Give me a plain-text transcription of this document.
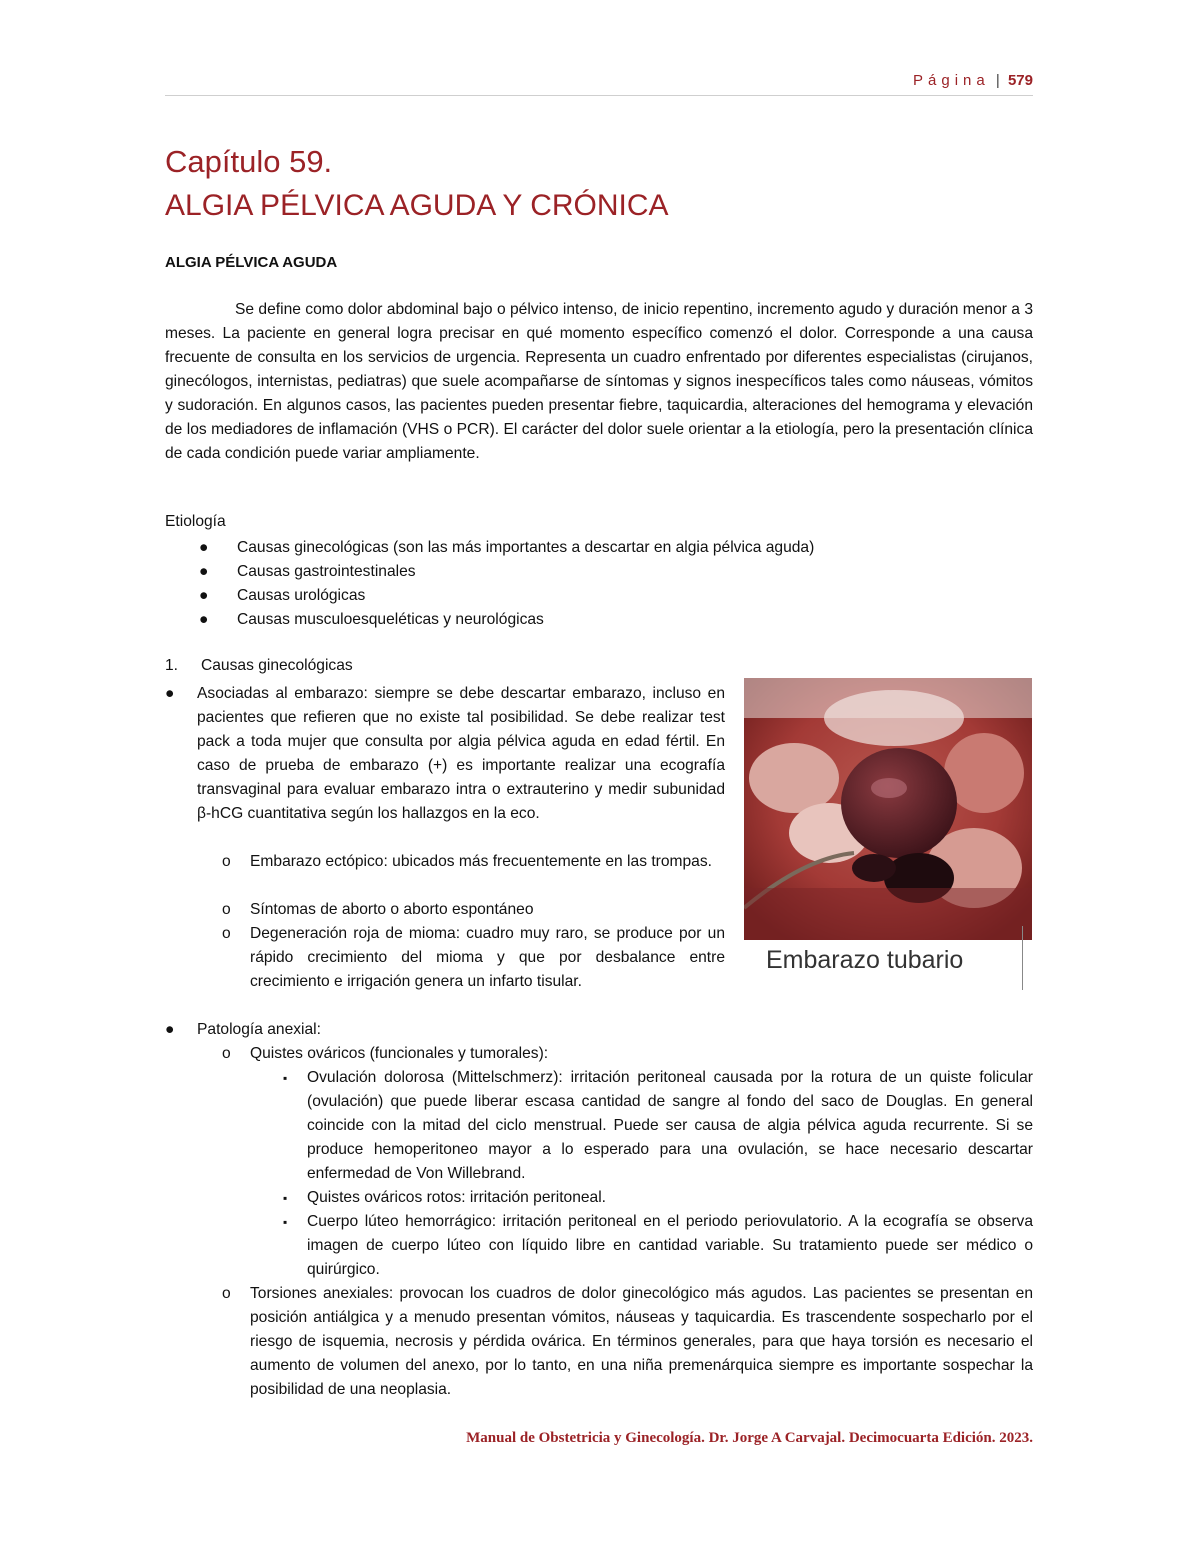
Página | 579
Capítulo 59.
ALGIA PÉLVICA AGUDA Y CRÓNICA
ALGIA PÉLVICA AGUDA

Se define como dolor abdominal bajo o pélvico intenso, de inicio repentino, incremento agudo y duración menor a 3 meses. La paciente en general logra precisar en qué momento específico comenzó el dolor. Corresponde a una causa frecuente de consulta en los servicios de urgencia. Representa un cuadro enfrentado por diferentes especialistas (cirujanos, ginecólogos, internistas, pediatras) que suele acompañarse de síntomas y signos inespecíficos tales como náuseas, vómitos y sudoración. En algunos casos, las pacientes pueden presentar fiebre, taquicardia, alteraciones del hemograma y elevación de los mediadores de inflamación (VHS o PCR). El carácter del dolor suele orientar a la etiología, pero la presentación clínica de cada condición puede variar ampliamente.

Etiología
● Causas ginecológicas (son las más importantes a descartar en algia pélvica aguda)
● Causas gastrointestinales
● Causas urológicas
● Causas musculoesqueléticas y neurológicas
1. Causas ginecológicas
●	Asociadas al embarazo: siempre se debe descartar embarazo, incluso en pacientes que refieren que no existe tal posibilidad. Se debe realizar test pack a toda mujer que consulta por algia pélvica aguda en edad fértil. En caso de prueba de embarazo (+) es importante realizar una ecografía transvaginal para evaluar embarazo intra o extrauterino y medir subunidad β-hCG cuantitativa según los hallazgos en la eco.
o Embarazo ectópico: ubicados más frecuentemente en las trompas.
o Síntomas de aborto o aborto espontáneo
o Degeneración roja de mioma: cuadro muy raro, se produce por un rápido crecimiento del mioma y que por desbalance entre crecimiento e irrigación genera un infarto tisular.
Embarazo tubario
●	Patología anexial:
o Quistes ováricos (funcionales y tumorales):
▪ Ovulación dolorosa (Mittelschmerz): irritación peritoneal causada por la rotura de un quiste folicular (ovulación) que puede liberar escasa cantidad de sangre al fondo del saco de Douglas. En general coincide con la mitad del ciclo menstrual. Puede ser causa de algia pélvica aguda recurrente. Si se produce hemoperitoneo mayor a lo esperado para una ovulación, se hace necesario descartar enfermedad de Von Willebrand.
▪ Quistes ováricos rotos: irritación peritoneal.
▪ Cuerpo lúteo hemorrágico: irritación peritoneal en el periodo periovulatorio. A la ecografía se observa imagen de cuerpo lúteo con líquido libre en cantidad variable. Su tratamiento puede ser médico o quirúrgico.
o Torsiones anexiales: provocan los cuadros de dolor ginecológico más agudos. Las pacientes se presentan en posición antiálgica y a menudo presentan vómitos, náuseas y taquicardia. Es trascendente sospecharlo por el riesgo de isquemia, necrosis y pérdida ovárica. En términos generales, para que haya torsión es necesario el aumento de volumen del anexo, por lo tanto, en una niña premenárquica siempre es importante sospechar la posibilidad de una neoplasia.
Manual de Obstetricia y Ginecología. Dr. Jorge A Carvajal. Decimocuarta Edición. 2023.
